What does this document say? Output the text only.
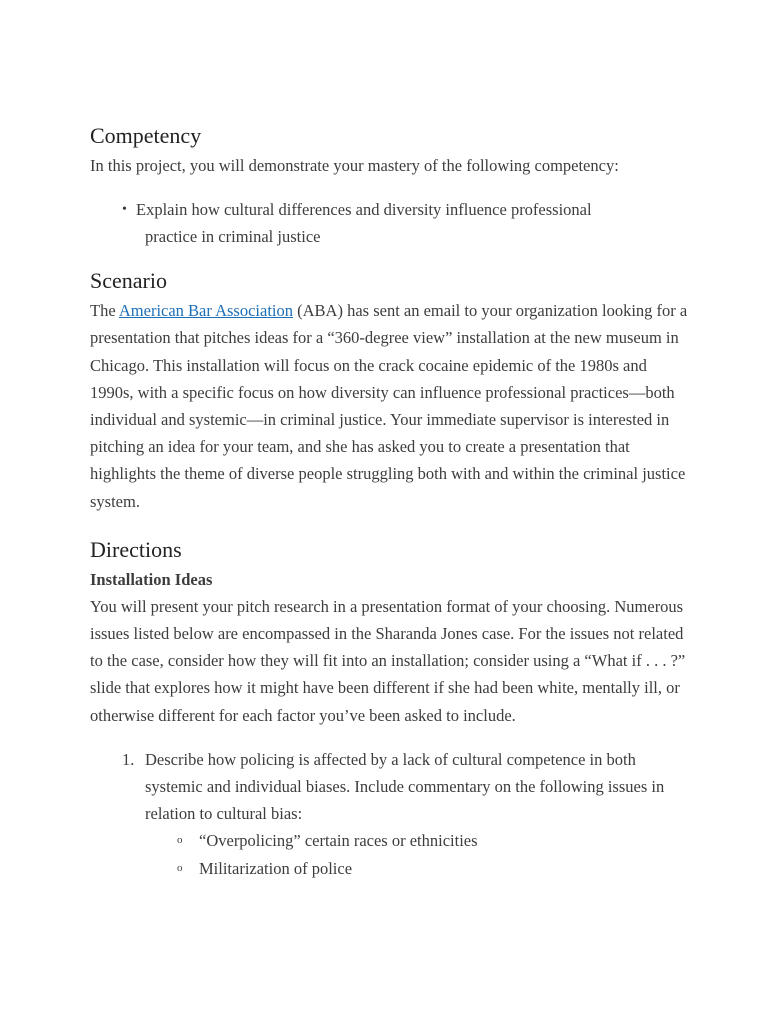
Competency

In this project, you will demonstrate your mastery of the following competency:

• Explain how cultural differences and diversity influence professional
practice in criminal justice
Scenario

The American Bar Association (ABA) has sent an email to your organization looking for a presentation that pitches ideas for a “360-degree view” installation at the new museum in Chicago. This installation will focus on the crack cocaine epidemic of the 1980s and 1990s, with a specific focus on how diversity can influence professional practices—both individual and systemic—in criminal justice. Your immediate supervisor is interested in pitching an idea for your team, and she has asked you to create a presentation that highlights the theme of diverse people struggling both with and within the criminal justice system.

Directions
Installation Ideas

You will present your pitch research in a presentation format of your choosing. Numerous issues listed below are encompassed in the Sharanda Jones case. For the issues not related to the case, consider how they will fit into an installation; consider using a “What if . . . ?” slide that explores how it might have been different if she had been white, mentally ill, or otherwise different for each factor you’ve been asked to include.

1. Describe how policing is affected by a lack of cultural competence in both systemic and individual biases. Include commentary on the following issues in relation to cultural bias:
o “Overpolicing” certain races or ethnicities
o Militarization of police
